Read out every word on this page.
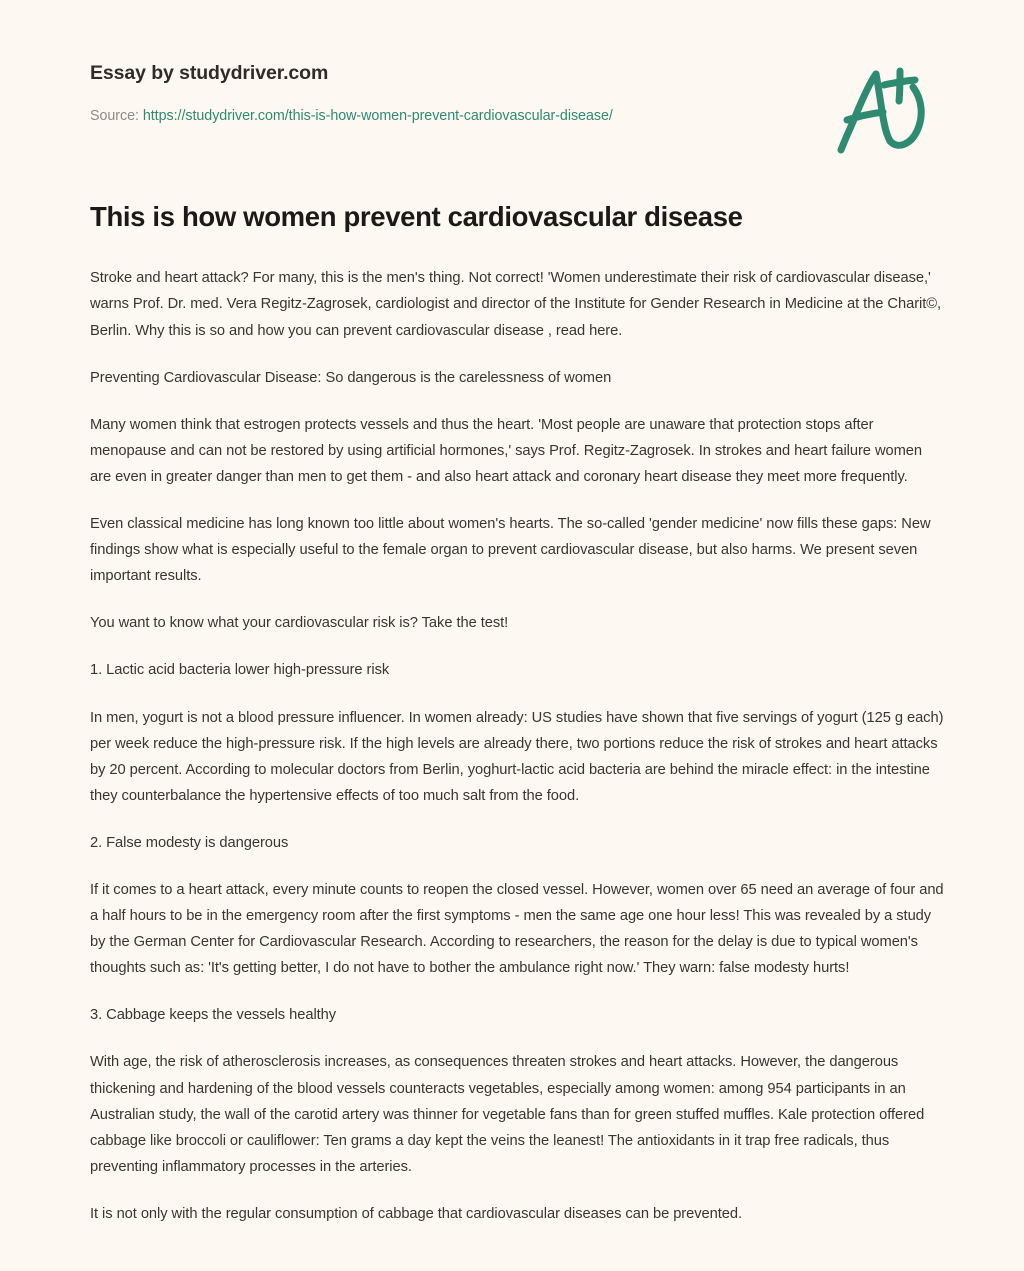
Essay by studydriver.com
Source: https://studydriver.com/this-is-how-women-prevent-cardiovascular-disease/
This is how women prevent cardiovascular disease

Stroke and heart attack? For many, this is the men's thing. Not correct! 'Women underestimate their risk of cardiovascular disease,' warns Prof. Dr. med. Vera Regitz-Zagrosek, cardiologist and director of the Institute for Gender Research in Medicine at the Charit©, Berlin. Why this is so and how you can prevent cardiovascular disease , read here.

Preventing Cardiovascular Disease: So dangerous is the carelessness of women

Many women think that estrogen protects vessels and thus the heart. 'Most people are unaware that protection stops after menopause and can not be restored by using artificial hormones,' says Prof. Regitz-Zagrosek. In strokes and heart failure women are even in greater danger than men to get them - and also heart attack and coronary heart disease they meet more frequently.

Even classical medicine has long known too little about women's hearts. The so-called 'gender medicine' now fills these gaps: New findings show what is especially useful to the female organ to prevent cardiovascular disease, but also harms. We present seven important results.

You want to know what your cardiovascular risk is? Take the test!

1. Lactic acid bacteria lower high-pressure risk

In men, yogurt is not a blood pressure influencer. In women already: US studies have shown that five servings of yogurt (125 g each) per week reduce the high-pressure risk. If the high levels are already there, two portions reduce the risk of strokes and heart attacks by 20 percent. According to molecular doctors from Berlin, yoghurt-lactic acid bacteria are behind the miracle effect: in the intestine they counterbalance the hypertensive effects of too much salt from the food.

2. False modesty is dangerous

If it comes to a heart attack, every minute counts to reopen the closed vessel. However, women over 65 need an average of four and a half hours to be in the emergency room after the first symptoms - men the same age one hour less! This was revealed by a study by the German Center for Cardiovascular Research. According to researchers, the reason for the delay is due to typical women's thoughts such as: 'It's getting better, I do not have to bother the ambulance right now.' They warn: false modesty hurts!

3. Cabbage keeps the vessels healthy

With age, the risk of atherosclerosis increases, as consequences threaten strokes and heart attacks. However, the dangerous thickening and hardening of the blood vessels counteracts vegetables, especially among women: among 954 participants in an Australian study, the wall of the carotid artery was thinner for vegetable fans than for green stuffed muffles. Kale protection offered cabbage like broccoli or cauliflower: Ten grams a day kept the veins the leanest! The antioxidants in it trap free radicals, thus preventing inflammatory processes in the arteries.

It is not only with the regular consumption of cabbage that cardiovascular diseases can be prevented.
